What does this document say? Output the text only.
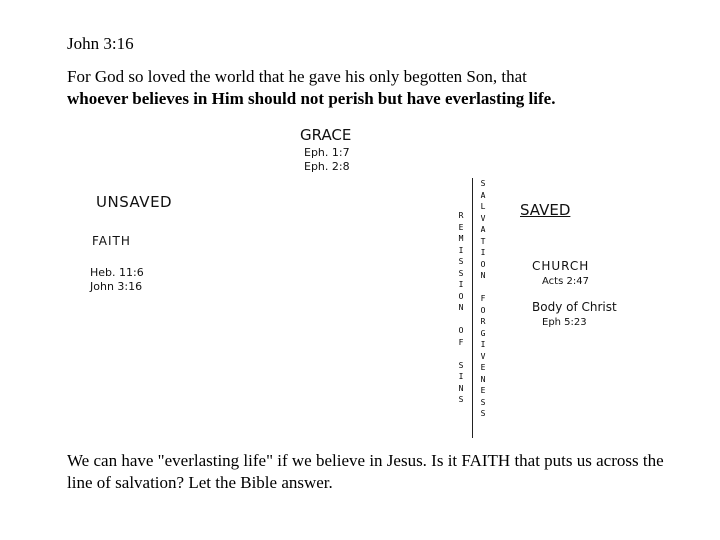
John 3:16
For God so loved the world that he gave his only begotten Son, that
whoever believes in Him should not perish but have everlasting life.
GRACE
Eph. 1:7
Eph. 2:8
UNSAVED
FAITH
Heb. 11:6
John 3:16
R
E
M
I
S
S
I
O
N

O
F

S
I
N
S
S
A
L
V
A
T
I
O
N

F
O
R
G
I
V
E
N
E
S
S
SAVED
CHURCH
Acts 2:47
Body of Christ
Eph 5:23
We can have "everlasting life" if we believe in Jesus. Is it FAITH that puts us across the line of salvation? Let the Bible answer.
